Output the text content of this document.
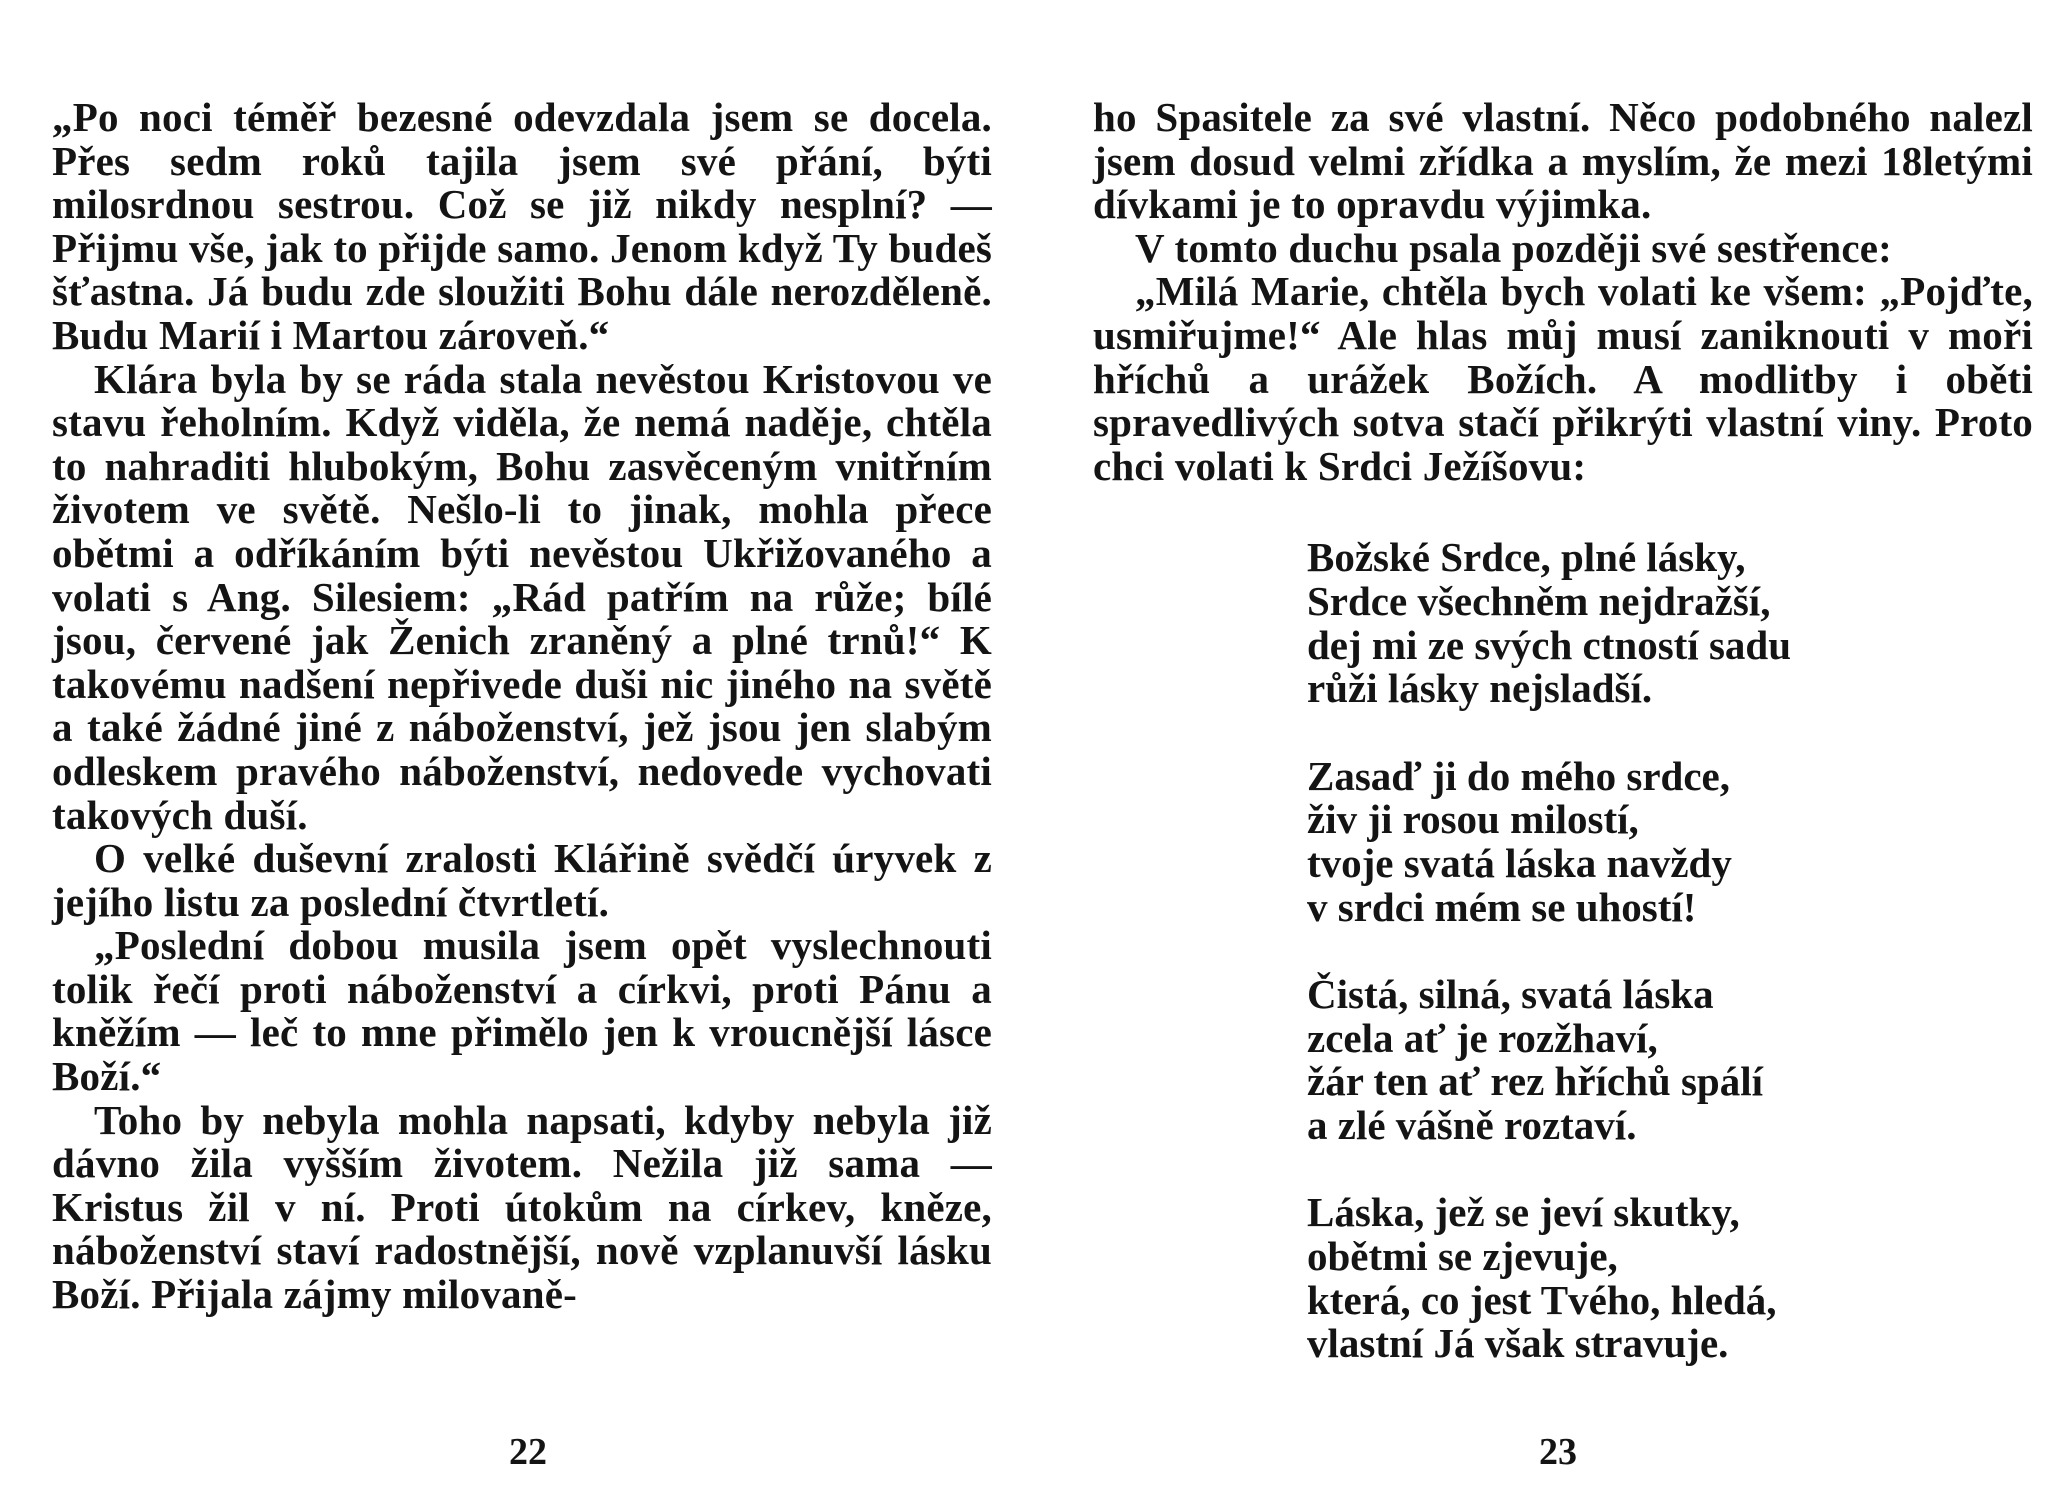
„Po noci téměř bezesné odevzdala jsem se docela. Přes sedm roků tajila jsem své přání, býti milosrdnou sestrou. Což se již nikdy nesplní? — Přijmu vše, jak to přijde samo. Jenom když Ty budeš šťastna. Já budu zde sloužiti Bohu dále nerozděleně. Budu Marií i Martou zároveň.“

Klára byla by se ráda stala nevěstou Kristovou ve stavu řeholním. Když viděla, že nemá naděje, chtěla to nahraditi hlubokým, Bohu zasvěceným vnitřním životem ve světě. Nešlo-li to jinak, mohla přece obětmi a odříkáním býti nevěstou Ukřižovaného a volati s Ang. Silesiem: „Rád patřím na růže; bílé jsou, červené jak Ženich zraněný a plné trnů!“ K takovému nadšení nepřivede duši nic jiného na světě a také žádné jiné z náboženství, jež jsou jen slabým odleskem pravého náboženství, nedovede vychovati takových duší.

O velké duševní zralosti Klářině svědčí úryvek z jejího listu za poslední čtvrtletí.

„Poslední dobou musila jsem opět vyslechnouti tolik řečí proti náboženství a církvi, proti Pánu a kněžím — leč to mne přimělo jen k vroucnější lásce Boží.“

Toho by nebyla mohla napsati, kdyby nebyla již dávno žila vyšším životem. Nežila již sama — Kristus žil v ní. Proti útokům na církev, kněze, náboženství staví radostnější, nově vzplanuvší lásku Boží. Přijala zájmy milovaně-

22

ho Spasitele za své vlastní. Něco podobného nalezl jsem dosud velmi zřídka a myslím, že mezi 18letými dívkami je to opravdu výjimka.

V tomto duchu psala později své sestřence:

„Milá Marie, chtěla bych volati ke všem: „Pojďte, usmiřujme!“ Ale hlas můj musí zaniknouti v moři hříchů a urážek Božích. A modlitby i oběti spravedlivých sotva stačí přikrýti vlastní viny. Proto chci volati k Srdci Ježíšovu:

Božské Srdce, plné lásky,
Srdce všechněm nejdražší,
dej mi ze svých ctností sadu
růži lásky nejsladší.
Zasaď ji do mého srdce,
živ ji rosou milostí,
tvoje svatá láska navždy
v srdci mém se uhostí!
Čistá, silná, svatá láska
zcela ať je rozžhaví,
žár ten ať rez hříchů spálí
a zlé vášně roztaví.
Láska, jež se jeví skutky,
obětmi se zjevuje,
která, co jest Tvého, hledá,
vlastní Já však stravuje.
23
